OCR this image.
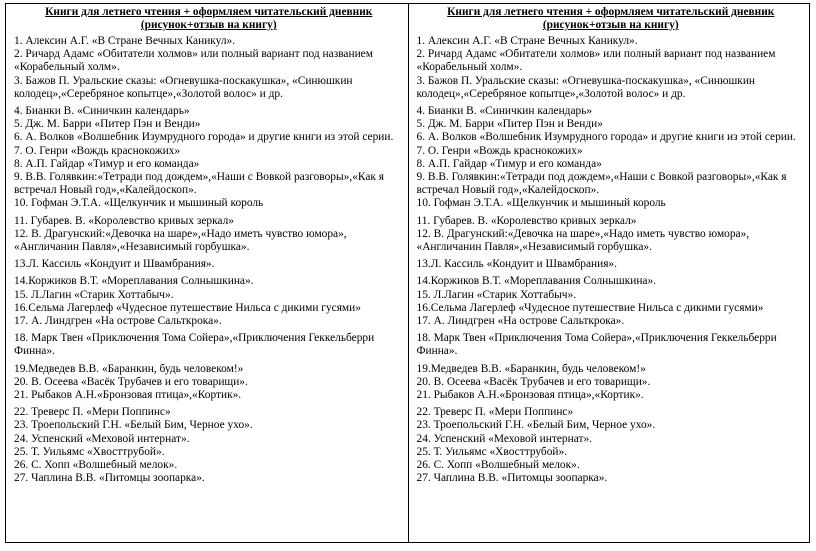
Книги для летнего чтения + оформляем читательский дневник (рисунок+отзыв на книгу)
1. Алексин А.Г. «В Стране Вечных Каникул».
2. Ричард Адамс «Обитатели холмов» или полный вариант под названием «Корабельный холм».
3. Бажов П. Уральские сказы: «Огневушка-поскакушка», «Синюшкин колодец»,«Серебряное копытце»,«Золотой волос» и др.
4. Бианки В. «Синичкин календарь»
5. Дж. М. Барри «Питер Пэн и Венди»
6. А. Волков «Волшебник Изумрудного города» и другие книги из этой серии.
7. О. Генри «Вождь краснокожих»
8. А.П. Гайдар «Тимур и его команда»
9. В.В. Голявкин:«Тетради под дождем»,«Наши с Вовкой разговоры»,«Как я встречал Новый год»,«Калейдоскоп».
10. Гофман Э.Т.А. «Щелкунчик и мышиный король
11. Губарев. В. «Королевство кривых зеркал»
12. В. Драгунский:«Девочка на шаре»,«Надо иметь чувство юмора», «Англичанин Павля»,«Независимый горбушка».
13.Л. Кассиль «Кондуит и Швамбрания».
14.Коржиков В.Т. «Мореплавания Солнышкина».
15. Л.Лагин «Старик Хоттабыч».
16.Сельма Лагерлеф «Чудесное путешествие Нильса с дикими гусями»
17. А. Линдгрен «На острове Сальткрока».
18. Марк Твен «Приключения Тома Сойера»,«Приключения Геккельберри Финна».
19.Медведев В.В. «Баранкин, будь человеком!»
20. В. Осеева «Васёк Трубачев и его товарищи».
21. Рыбаков А.Н.«Бронзовая птица»,«Кортик».
22. Треверс П. «Мери Поппинс»
23. Троепольский Г.Н. «Белый Бим, Черное ухо».
24. Успенский «Меховой интернат».
25. Т. Уильямс «Хвосттрубой».
26. С. Хопп «Волшебный мелок».
27. Чаплина В.В. «Питомцы зоопарка».
Книги для летнего чтения + оформляем читательский дневник (рисунок+отзыв на книгу)
1. Алексин А.Г. «В Стране Вечных Каникул».
2. Ричард Адамс «Обитатели холмов» или полный вариант под названием «Корабельный холм».
3. Бажов П. Уральские сказы: «Огневушка-поскакушка», «Синюшкин колодец»,«Серебряное копытце»,«Золотой волос» и др.
4. Бианки В. «Синичкин календарь»
5. Дж. М. Барри «Питер Пэн и Венди»
6. А. Волков «Волшебник Изумрудного города» и другие книги из этой серии.
7. О. Генри «Вождь краснокожих»
8. А.П. Гайдар «Тимур и его команда»
9. В.В. Голявкин:«Тетради под дождем»,«Наши с Вовкой разговоры»,«Как я встречал Новый год»,«Калейдоскоп».
10. Гофман Э.Т.А. «Щелкунчик и мышиный король
11. Губарев. В. «Королевство кривых зеркал»
12. В. Драгунский:«Девочка на шаре»,«Надо иметь чувство юмора», «Англичанин Павля»,«Независимый горбушка».
13.Л. Кассиль «Кондуит и Швамбрания».
14.Коржиков В.Т. «Мореплавания Солнышкина».
15. Л.Лагин «Старик Хоттабыч».
16.Сельма Лагерлеф «Чудесное путешествие Нильса с дикими гусями»
17. А. Линдгрен «На острове Сальткрока».
18. Марк Твен «Приключения Тома Сойера»,«Приключения Геккельберри Финна».
19.Медведев В.В. «Баранкин, будь человеком!»
20. В. Осеева «Васёк Трубачев и его товарищи».
21. Рыбаков А.Н.«Бронзовая птица»,«Кортик».
22. Треверс П. «Мери Поппинс»
23. Троепольский Г.Н. «Белый Бим, Черное ухо».
24. Успенский «Меховой интернат».
25. Т. Уильямс «Хвосттрубой».
26. С. Хопп «Волшебный мелок».
27. Чаплина В.В. «Питомцы зоопарка».
